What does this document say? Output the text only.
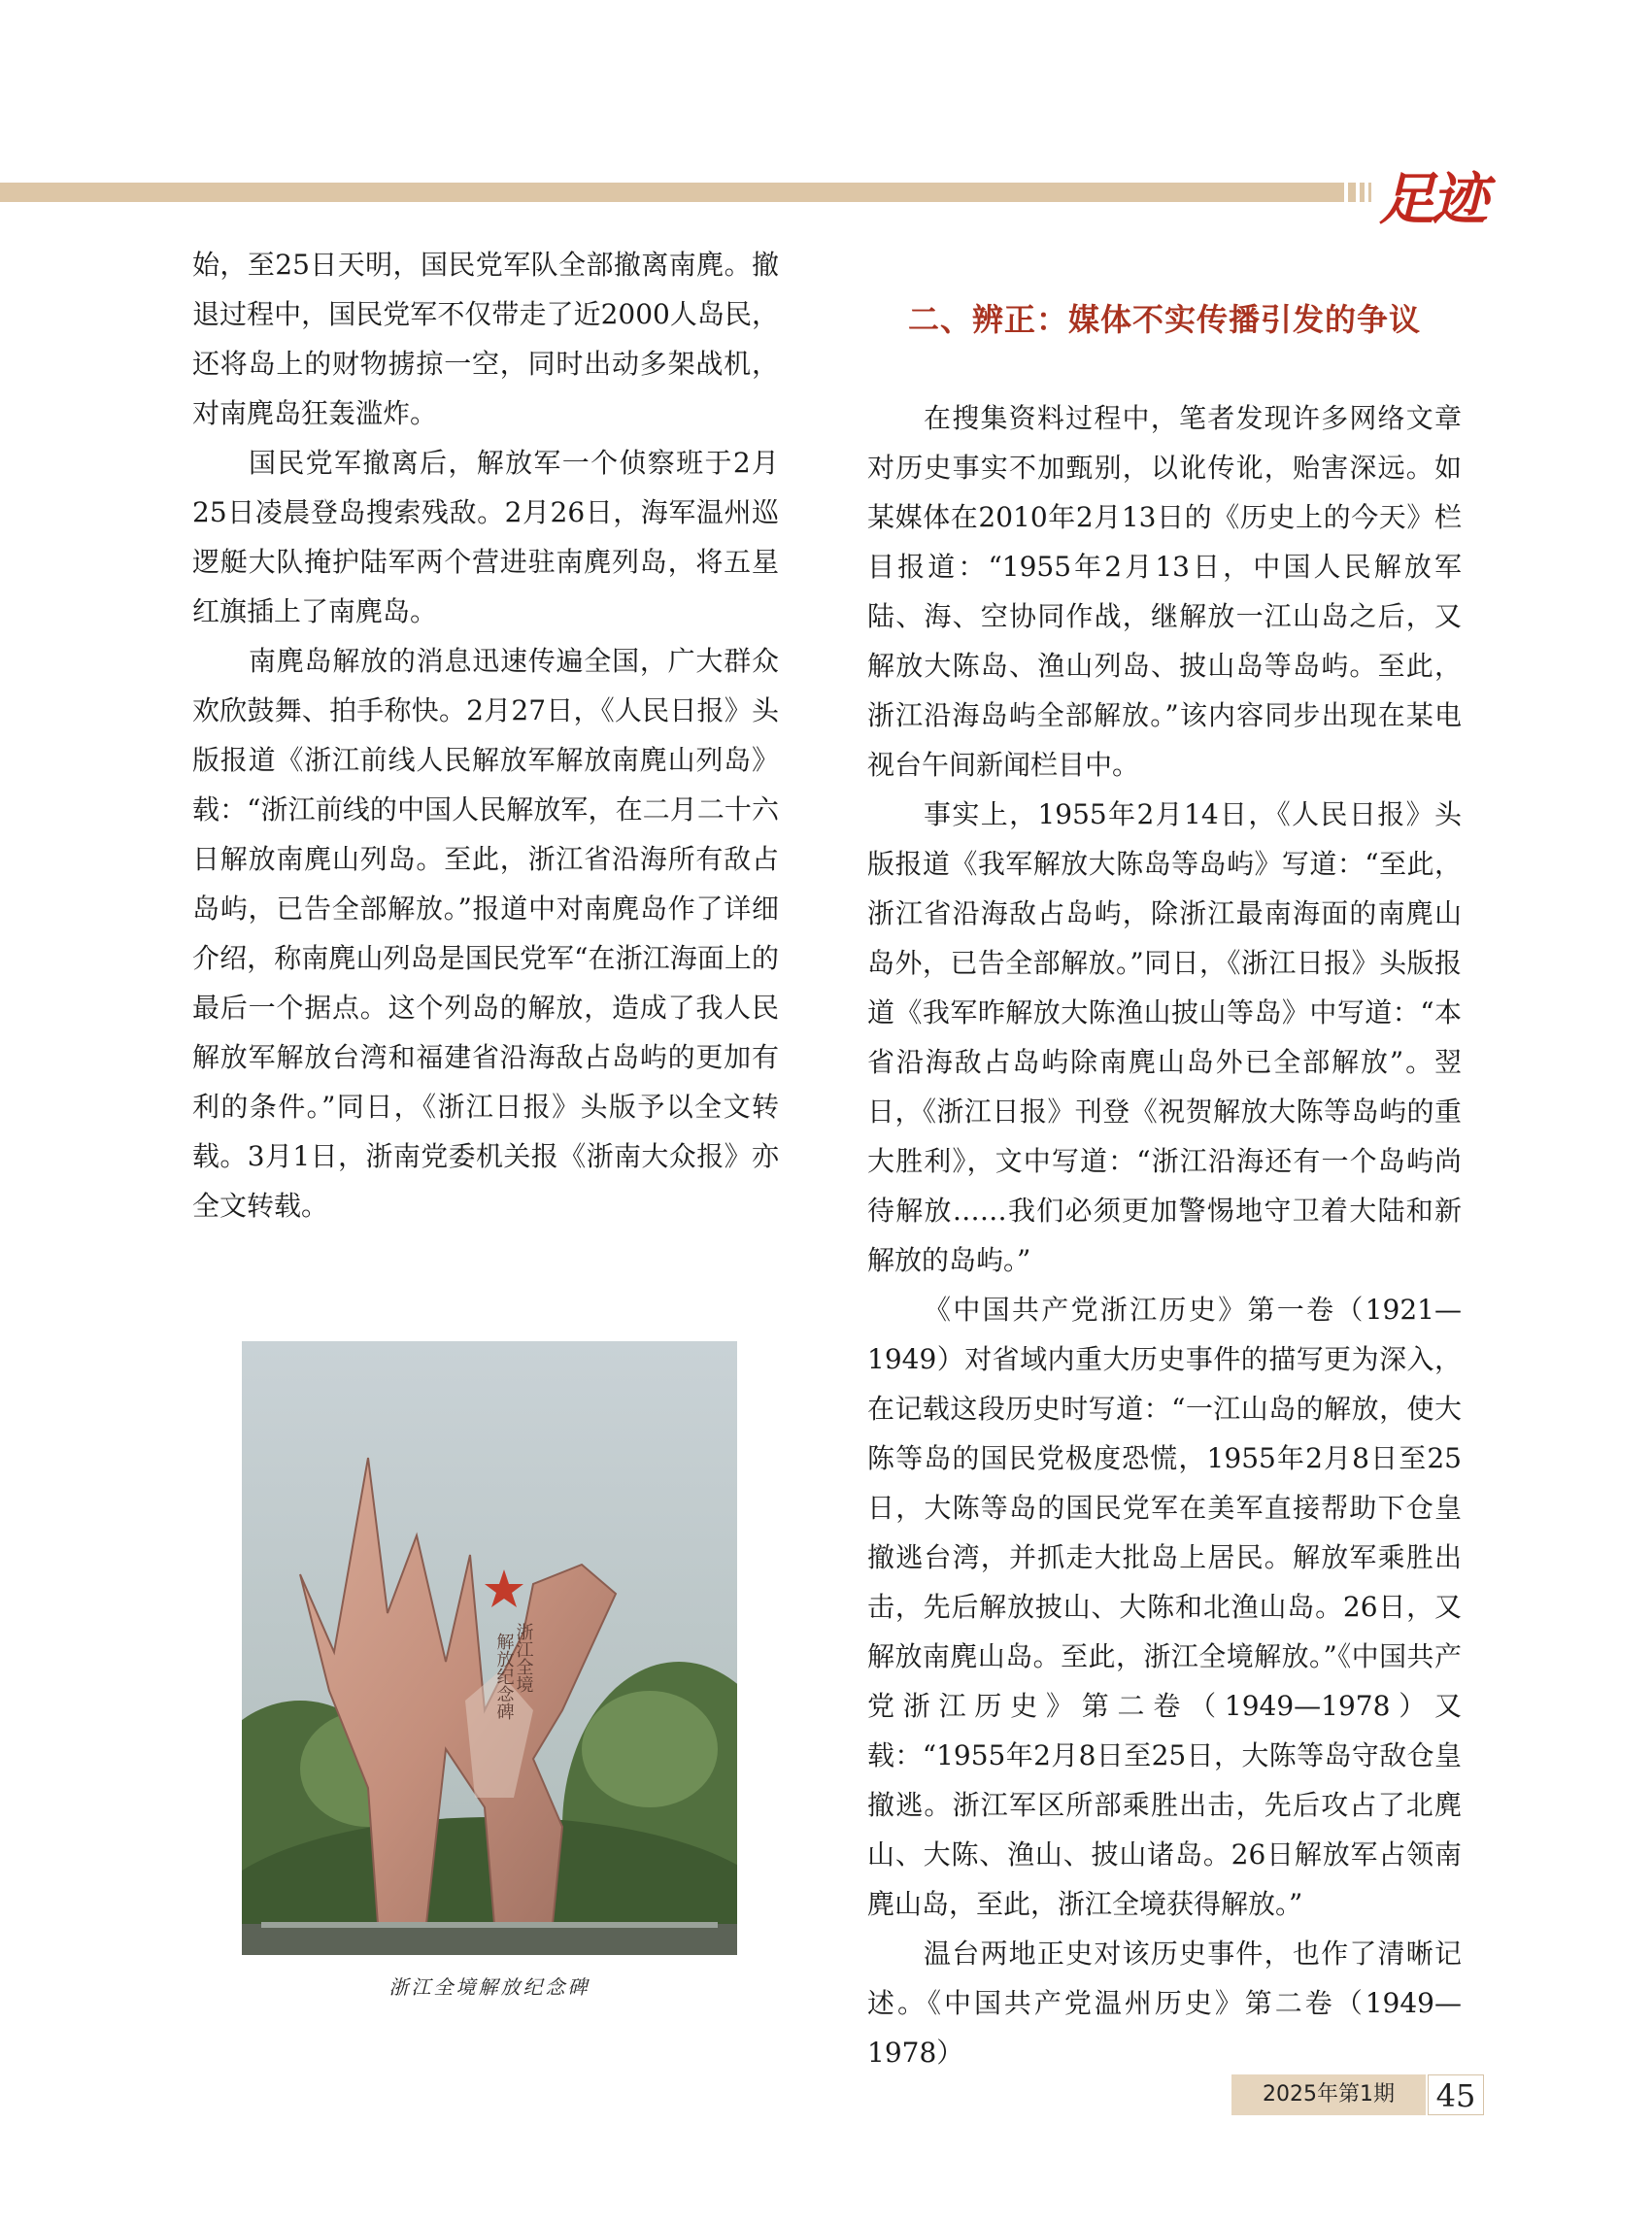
足迹

始，至25日天明，国民党军队全部撤离南麂。撤退过程中，国民党军不仅带走了近2000人岛民，还将岛上的财物掳掠一空，同时出动多架战机，对南麂岛狂轰滥炸。

国民党军撤离后，解放军一个侦察班于2月25日凌晨登岛搜索残敌。2月26日，海军温州巡逻艇大队掩护陆军两个营进驻南麂列岛，将五星红旗插上了南麂岛。

南麂岛解放的消息迅速传遍全国，广大群众欢欣鼓舞、拍手称快。2月27日，《人民日报》头版报道《浙江前线人民解放军解放南麂山列岛》载：“浙江前线的中国人民解放军，在二月二十六日解放南麂山列岛。至此，浙江省沿海所有敌占岛屿，已告全部解放。”报道中对南麂岛作了详细介绍，称南麂山列岛是国民党军“在浙江海面上的最后一个据点。这个列岛的解放，造成了我人民解放军解放台湾和福建省沿海敌占岛屿的更加有利的条件。”同日，《浙江日报》头版予以全文转载。3月1日，浙南党委机关报《浙南大众报》亦全文转载。

浙江全境
解放纪念碑
浙江全境解放纪念碑
二、辨正：媒体不实传播引发的争议

在搜集资料过程中，笔者发现许多网络文章对历史事实不加甄别，以讹传讹，贻害深远。如某媒体在2010年2月13日的《历史上的今天》栏目报道：“1955年2月13日，中国人民解放军陆、海、空协同作战，继解放一江山岛之后，又解放大陈岛、渔山列岛、披山岛等岛屿。至此，浙江沿海岛屿全部解放。”该内容同步出现在某电视台午间新闻栏目中。

事实上，1955年2月14日，《人民日报》头版报道《我军解放大陈岛等岛屿》写道：“至此，浙江省沿海敌占岛屿，除浙江最南海面的南麂山岛外，已告全部解放。”同日，《浙江日报》头版报道《我军昨解放大陈渔山披山等岛》中写道：“本省沿海敌占岛屿除南麂山岛外已全部解放”。翌日，《浙江日报》刊登《祝贺解放大陈等岛屿的重大胜利》，文中写道：“浙江沿海还有一个岛屿尚待解放……我们必须更加警惕地守卫着大陆和新解放的岛屿。”

《中国共产党浙江历史》第一卷（1921—1949）对省域内重大历史事件的描写更为深入，在记载这段历史时写道：“一江山岛的解放，使大陈等岛的国民党极度恐慌，1955年2月8日至25日，大陈等岛的国民党军在美军直接帮助下仓皇撤逃台湾，并抓走大批岛上居民。解放军乘胜出击，先后解放披山、大陈和北渔山岛。26日，又解放南麂山岛。至此，浙江全境解放。”《中国共产党浙江历史》第二卷（1949—1978）又载：“1955年2月8日至25日，大陈等岛守敌仓皇撤逃。浙江军区所部乘胜出击，先后攻占了北麂山、大陈、渔山、披山诸岛。26日解放军占领南麂山岛，至此，浙江全境获得解放。”

温台两地正史对该历史事件，也作了清晰记述。《中国共产党温州历史》第二卷（1949—1978）

2025年第1期	45
